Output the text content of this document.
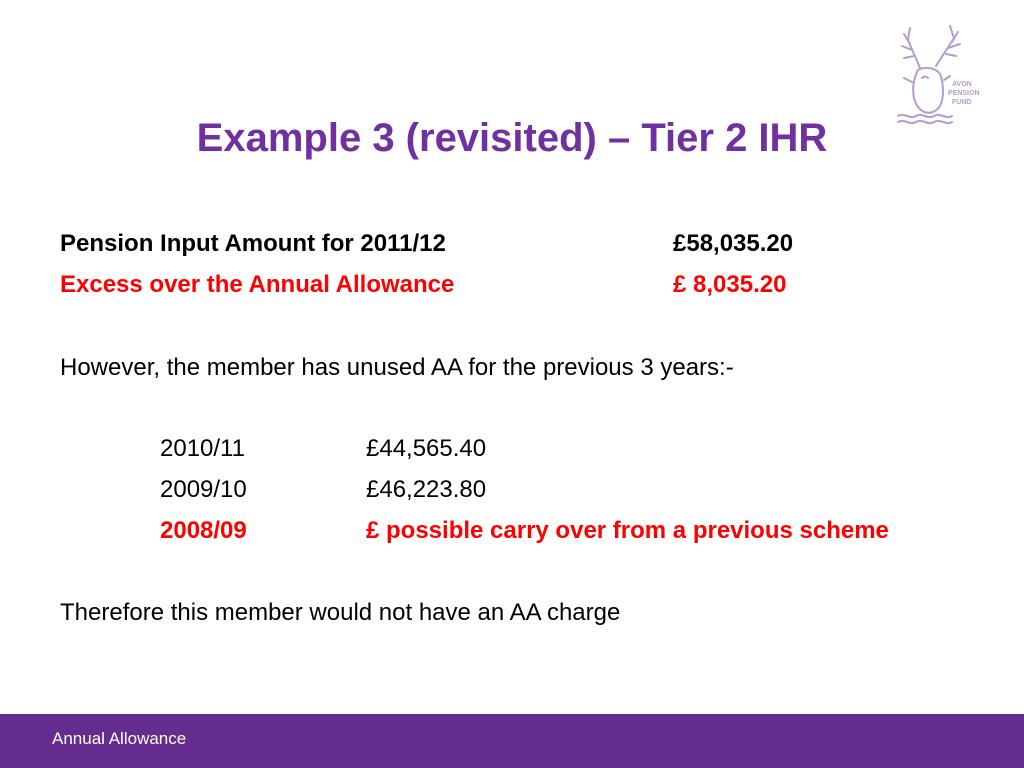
AVON
PENSION
FUND
Example 3 (revisited) – Tier 2 IHR
Pension Input Amount for 2011/12	£58,035.20
Excess over the Annual Allowance	£ 8,035.20
However, the member has unused AA for the previous 3 years:-
2010/11	£44,565.40
2009/10	£46,223.80
2008/09	£ possible carry over from a previous scheme
Therefore this member would not have an AA charge
Annual Allowance
